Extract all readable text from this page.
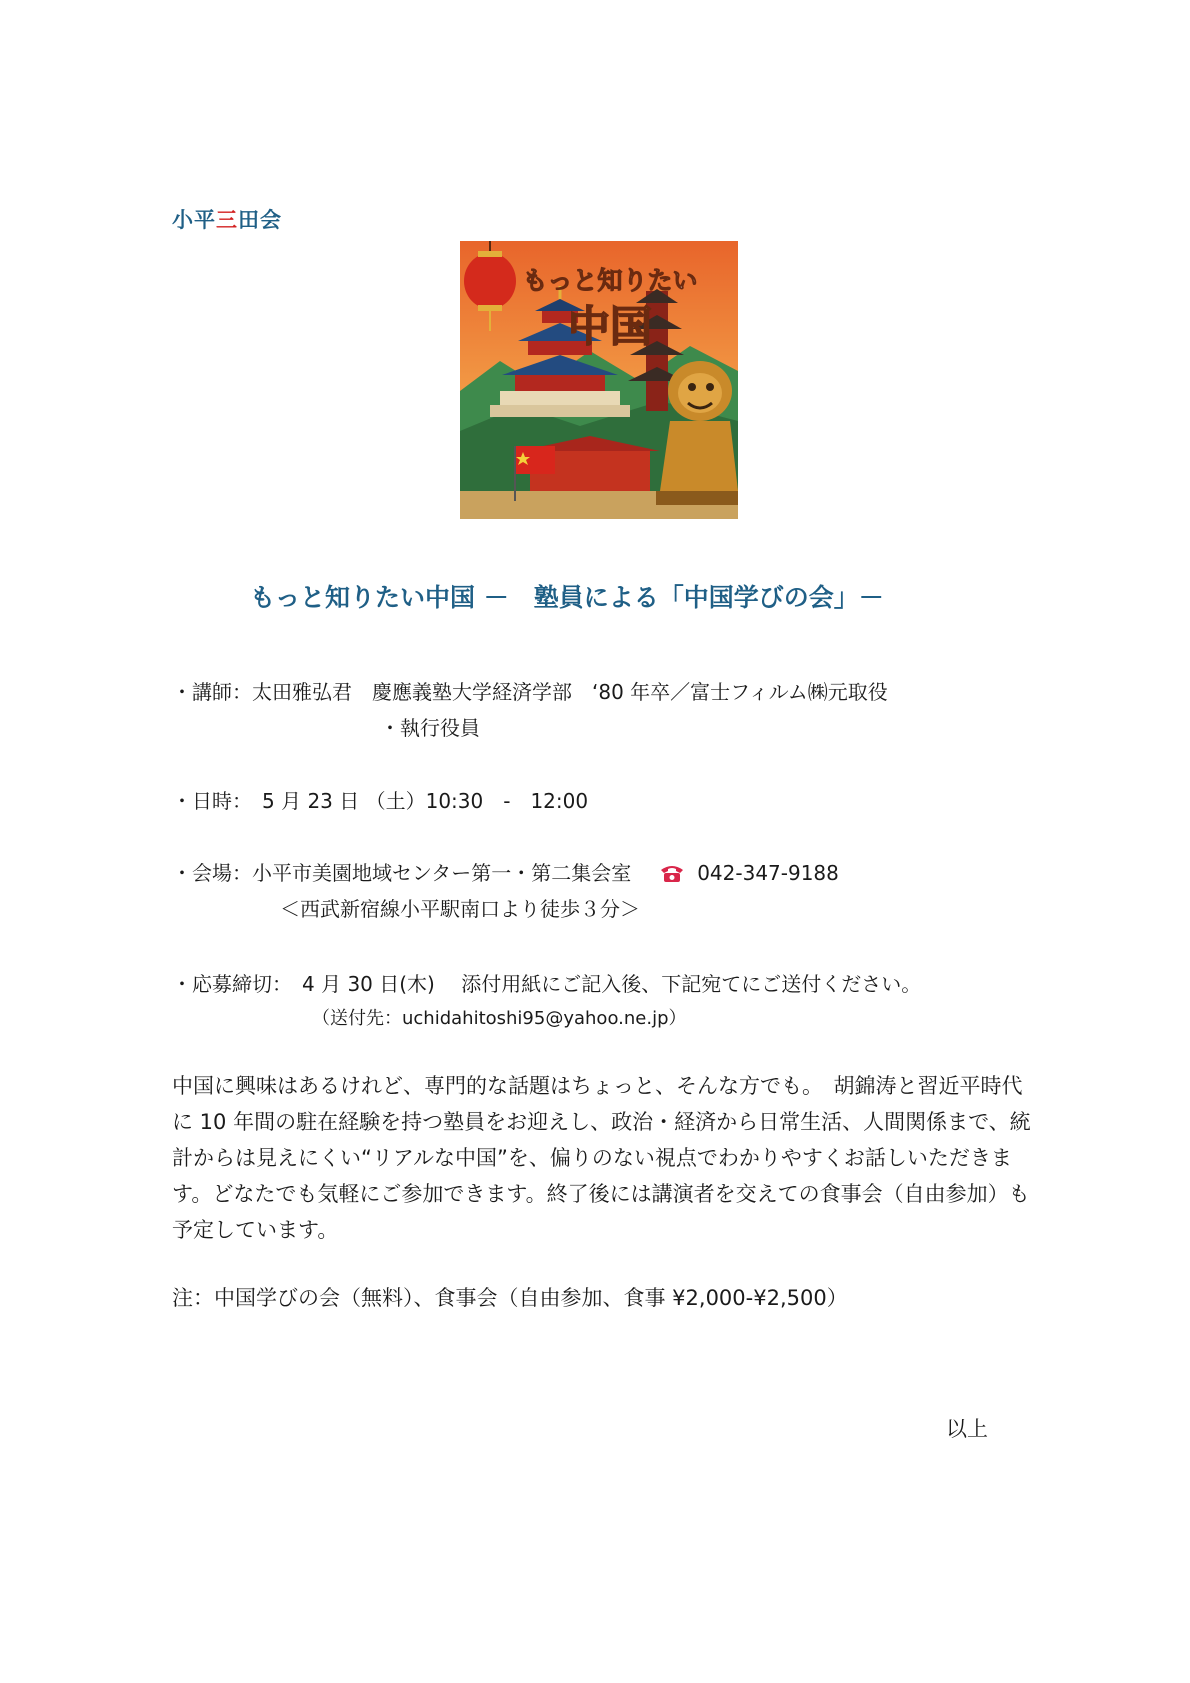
小平三田会
もっと知りたい
中国
もっと知りたい中国 －　塾員による「中国学びの会」－
・講師：太田雅弘君　慶應義塾大学経済学部　‘80 年卒／富士フィルム㈱元取役
・執行役員
・日時：　5 月 23 日 （土）10:30　-　12:00
・会場：小平市美園地域センター第一・第二集会室	042-347-9188
＜西武新宿線小平駅南口より徒歩３分＞
・応募締切：　4 月 30 日(木)　 添付用紙にご記入後、下記宛てにご送付ください。
（送付先：uchidahitoshi95@yahoo.ne.jp）
中国に興味はあるけれど、専門的な話題はちょっと、そんな方でも。　胡錦涛と習近平時代に 10 年間の駐在経験を持つ塾員をお迎えし、政治・経済から日常生活、人間関係まで、統計からは見えにくい“リアルな中国”を、偏りのない視点でわかりやすくお話しいただきます。どなたでも気軽にご参加できます。終了後には講演者を交えての食事会（自由参加）も予定しています。
注：中国学びの会（無料）、食事会（自由参加、食事 ¥2,000-¥2,500）
以上
